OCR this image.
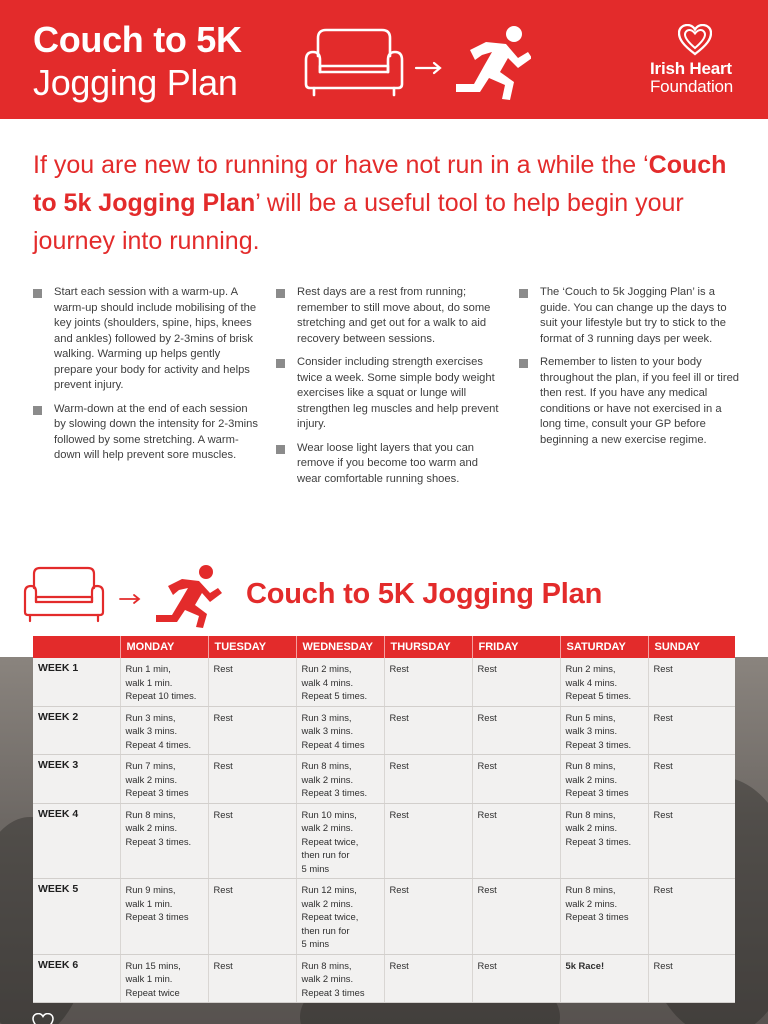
Couch to 5K
Jogging Plan	Irish Heart
Foundation

If you are new to running or have not run in a while the ‘Couch to 5k Jogging Plan’ will be a useful tool to help begin your journey into running.

Start each session with a warm-up. A warm-up should include mobilising of the key joints (shoulders, spine, hips, knees and ankles) followed by 2-3mins of brisk walking. Warming up helps gently prepare your body for activity and helps prevent injury.
Warm-down at the end of each session by slowing down the intensity for 2-3mins followed by some stretching. A warm-down will help prevent sore muscles.
Rest days are a rest from running; remember to still move about, do some stretching and get out for a walk to aid recovery between sessions.
Consider including strength exercises twice a week. Some simple body weight exercises like a squat or lunge will strengthen leg muscles and help prevent injury.
Wear loose light layers that you can remove if you become too warm and wear comfortable running shoes.
The ‘Couch to 5k Jogging Plan’ is a guide. You can change up the days to suit your lifestyle but try to stick to the format of 3 running days per week.
Remember to listen to your body throughout the plan, if you feel ill or tired then rest. If you have any medical conditions or have not exercised in a long time, consult your GP before beginning a new exercise regime.
Couch to 5K Jogging Plan
	MONDAY	TUESDAY	WEDNESDAY	THURSDAY	FRIDAY	SATURDAY	SUNDAY
WEEK 1	Run 1 min,
walk 1 min.
Repeat 10 times.	Rest	Run 2 mins,
walk 4 mins.
Repeat 5 times.	Rest	Rest	Run 2 mins,
walk 4 mins.
Repeat 5 times.	Rest
WEEK 2	Run 3 mins,
walk 3 mins.
Repeat 4 times.	Rest	Run 3 mins,
walk 3 mins.
Repeat 4 times	Rest	Rest	Run 5 mins,
walk 3 mins.
Repeat 3 times.	Rest
WEEK 3	Run 7 mins,
walk 2 mins.
Repeat 3 times	Rest	Run 8 mins,
walk 2 mins.
Repeat 3 times.	Rest	Rest	Run 8 mins,
walk 2 mins.
Repeat 3 times	Rest
WEEK 4	Run 8 mins,
walk 2 mins.
Repeat 3 times.	Rest	Run 10 mins,
walk 2 mins.
Repeat twice,
then run for
5 mins	Rest	Rest	Run 8 mins,
walk 2 mins.
Repeat 3 times.	Rest
WEEK 5	Run 9 mins,
walk 1 min.
Repeat 3 times	Rest	Run 12 mins,
walk 2 mins.
Repeat twice,
then run for
5 mins	Rest	Rest	Run 8 mins,
walk 2 mins.
Repeat 3 times	Rest
WEEK 6	Run 15 mins,
walk 1 min.
Repeat twice	Rest	Run 8 mins,
walk 2 mins.
Repeat 3 times	Rest	Rest	5k Race!	Rest
